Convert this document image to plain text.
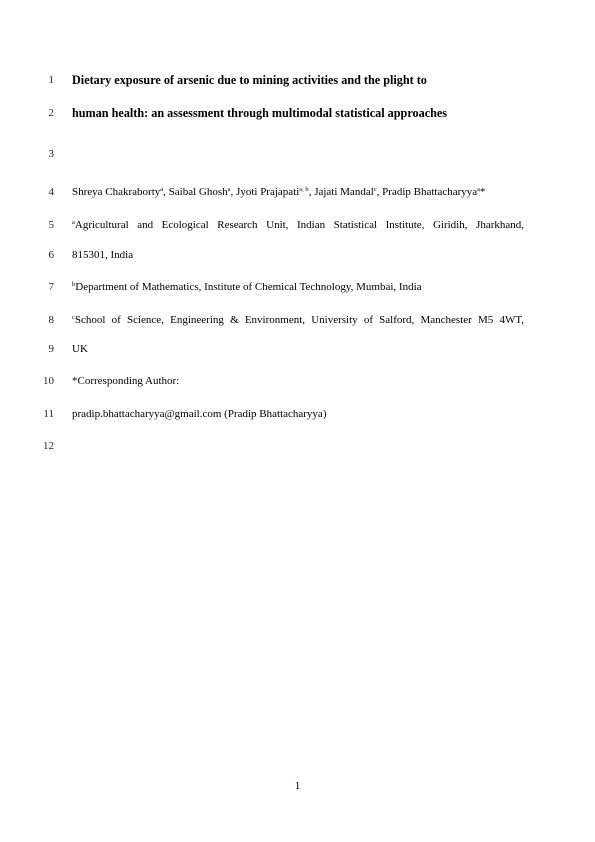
1 Dietary exposure of arsenic due to mining activities and the plight to
2 human health: an assessment through multimodal statistical approaches
3
4 Shreya Chakraborty$^a$, Saibal Ghosh$^a$, Jyoti Prajapati$^{a, b}$, Jajati Mandal$^c$, Pradip Bhattacharyya$^a$*
5	$^a$Agricultural and Ecological Research Unit, Indian Statistical Institute, Giridih, Jharkhand,
6 815301, India
7	$^b$Department of Mathematics, Institute of Chemical Technology, Mumbai, India
8	$^c$School of Science, Engineering & Environment, University of Salford, Manchester M5 4WT,
9 UK
10 *Corresponding Author:
11 pradip.bhattacharyya@gmail.com (Pradip Bhattacharyya)
12
1
